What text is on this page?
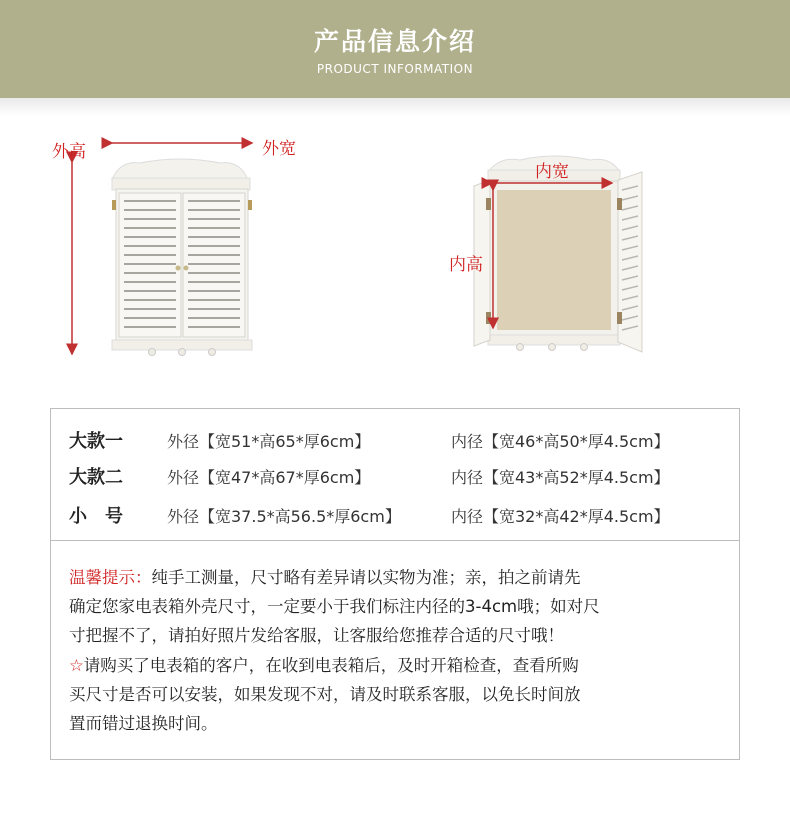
产品信息介绍
PRODUCT INFORMATION
外高	外宽
内宽
内高
大款一	外径【宽51*高65*厚6cm】	内径【宽46*高50*厚4.5cm】
大款二	外径【宽47*高67*厚6cm】	内径【宽43*高52*厚4.5cm】
小　号	外径【宽37.5*高56.5*厚6cm】	内径【宽32*高42*厚4.5cm】
温馨提示：纯手工测量，尺寸略有差异请以实物为准；亲，拍之前请先
确定您家电表箱外壳尺寸，一定要小于我们标注内径的3-4cm哦；如对尺
寸把握不了，请拍好照片发给客服，让客服给您推荐合适的尺寸哦！
☆请购买了电表箱的客户，在收到电表箱后，及时开箱检查，查看所购
买尺寸是否可以安装，如果发现不对，请及时联系客服，以免长时间放
置而错过退换时间。
